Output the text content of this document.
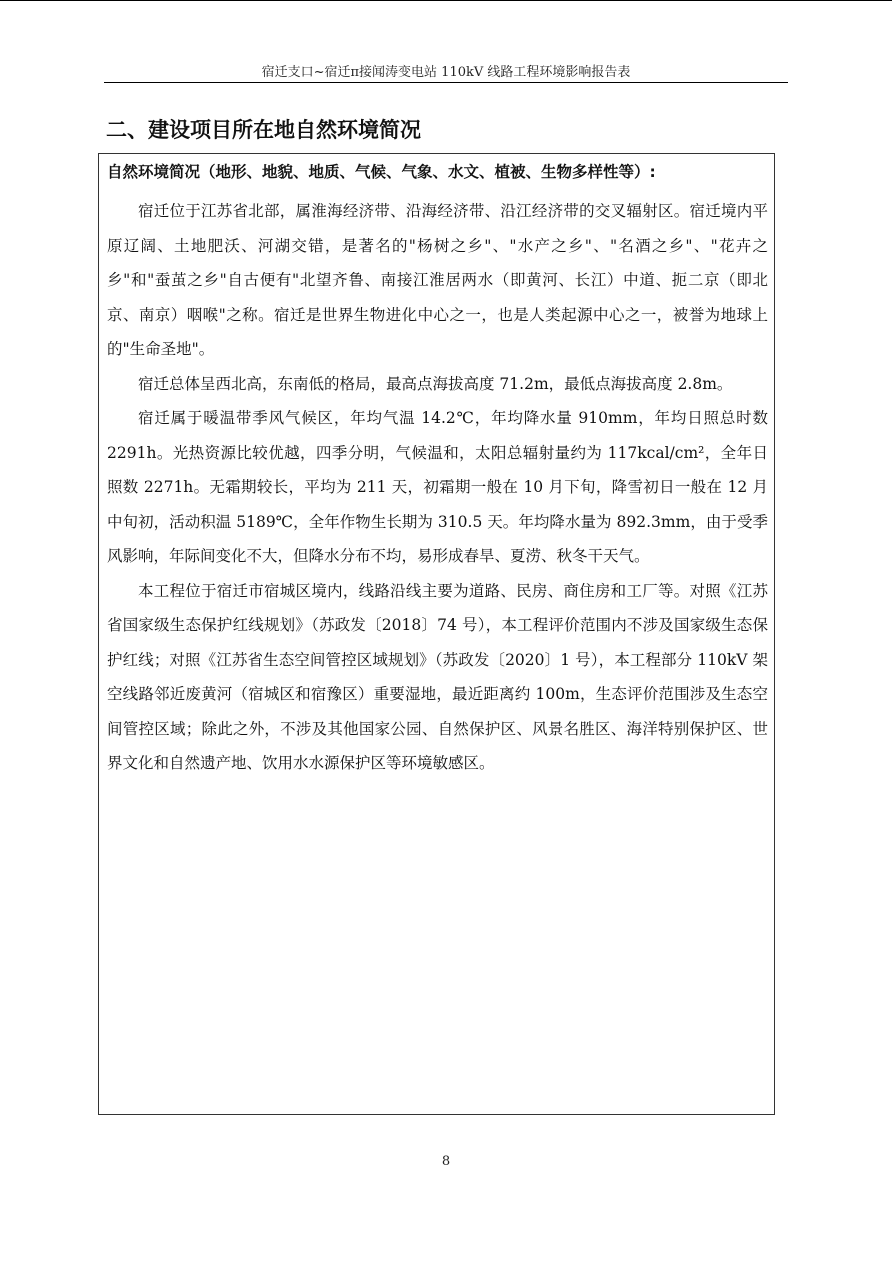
宿迁支口~宿迁π接闻涛变电站 110kV 线路工程环境影响报告表
二、建设项目所在地自然环境简况
自然环境简况（地形、地貌、地质、气候、气象、水文、植被、生物多样性等）:

宿迁位于江苏省北部，属淮海经济带、沿海经济带、沿江经济带的交叉辐射区。宿迁境内平原辽阔、土地肥沃、河湖交错，是著名的"杨树之乡"、"水产之乡"、"名酒之乡"、"花卉之乡"和"蚕茧之乡"自古便有"北望齐鲁、南接江淮居两水（即黄河、长江）中道、扼二京（即北京、南京）咽喉"之称。宿迁是世界生物进化中心之一，也是人类起源中心之一，被誉为地球上的"生命圣地"。

宿迁总体呈西北高，东南低的格局，最高点海拔高度 71.2m，最低点海拔高度 2.8m。

宿迁属于暖温带季风气候区，年均气温 14.2℃，年均降水量 910mm，年均日照总时数 2291h。光热资源比较优越，四季分明，气候温和，太阳总辐射量约为 117kcal/cm²，全年日照数 2271h。无霜期较长，平均为 211 天，初霜期一般在 10 月下旬，降雪初日一般在 12 月中旬初，活动积温 5189℃，全年作物生长期为 310.5 天。年均降水量为 892.3mm，由于受季风影响，年际间变化不大，但降水分布不均，易形成春旱、夏涝、秋冬干天气。

本工程位于宿迁市宿城区境内，线路沿线主要为道路、民房、商住房和工厂等。对照《江苏省国家级生态保护红线规划》（苏政发〔2018〕74 号），本工程评价范围内不涉及国家级生态保护红线；对照《江苏省生态空间管控区域规划》（苏政发〔2020〕1 号），本工程部分 110kV 架空线路邻近废黄河（宿城区和宿豫区）重要湿地，最近距离约 100m，生态评价范围涉及生态空间管控区域；除此之外，不涉及其他国家公园、自然保护区、风景名胜区、海洋特别保护区、世界文化和自然遗产地、饮用水水源保护区等环境敏感区。

8
